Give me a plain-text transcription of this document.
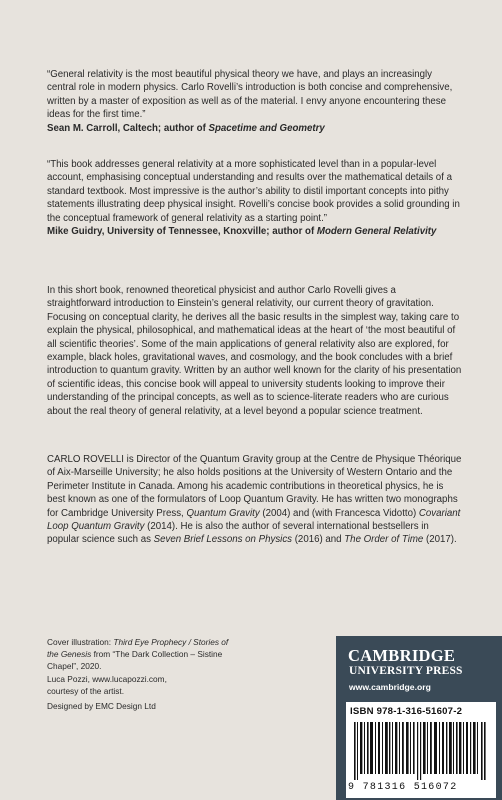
“General relativity is the most beautiful physical theory we have, and plays an increasingly central role in modern physics. Carlo Rovelli’s introduction is both concise and comprehensive, written by a master of exposition as well as of the material. I envy anyone encountering these ideas for the first time.”

Sean M. Carroll, Caltech; author of Spacetime and Geometry

“This book addresses general relativity at a more sophisticated level than in a popular-level account, emphasising conceptual understanding and results over the mathematical details of a standard textbook. Most impressive is the author’s ability to distil important concepts into pithy statements illustrating deep physical insight. Rovelli’s concise book provides a solid grounding in the conceptual framework of general relativity as a starting point.”

Mike Guidry, University of Tennessee, Knoxville; author of Modern General Relativity

In this short book, renowned theoretical physicist and author Carlo Rovelli gives a straightforward introduction to Einstein’s general relativity, our current theory of gravitation. Focusing on conceptual clarity, he derives all the basic results in the simplest way, taking care to explain the physical, philosophical, and mathematical ideas at the heart of ‘the most beautiful of all scientific theories’. Some of the main applications of general relativity also are explored, for example, black holes, gravitational waves, and cosmology, and the book concludes with a brief introduction to quantum gravity. Written by an author well known for the clarity of his presentation of scientific ideas, this concise book will appeal to university students looking to improve their understanding of the principal concepts, as well as to science-literate readers who are curious about the real theory of general relativity, at a level beyond a popular science treatment.

CARLO ROVELLI is Director of the Quantum Gravity group at the Centre de Physique Théorique of Aix-Marseille University; he also holds positions at the University of Western Ontario and the Perimeter Institute in Canada. Among his academic contributions in theoretical physics, he is best known as one of the formulators of Loop Quantum Gravity. He has written two monographs for Cambridge University Press, Quantum Gravity (2004) and (with Francesca Vidotto) Covariant Loop Quantum Gravity (2014). He is also the author of several international bestsellers in popular science such as Seven Brief Lessons on Physics (2016) and The Order of Time (2017).

Cover illustration: Third Eye Prophecy / Stories of the Genesis from “The Dark Collection – Sistine Chapel”, 2020.

Luca Pozzi, www.lucapozzi.com,

courtesy of the artist.

Designed by EMC Design Ltd
CAMBRIDGE
UNIVERSITY PRESS
www.cambridge.org
ISBN 978-1-316-51607-2
9 781316 516072
